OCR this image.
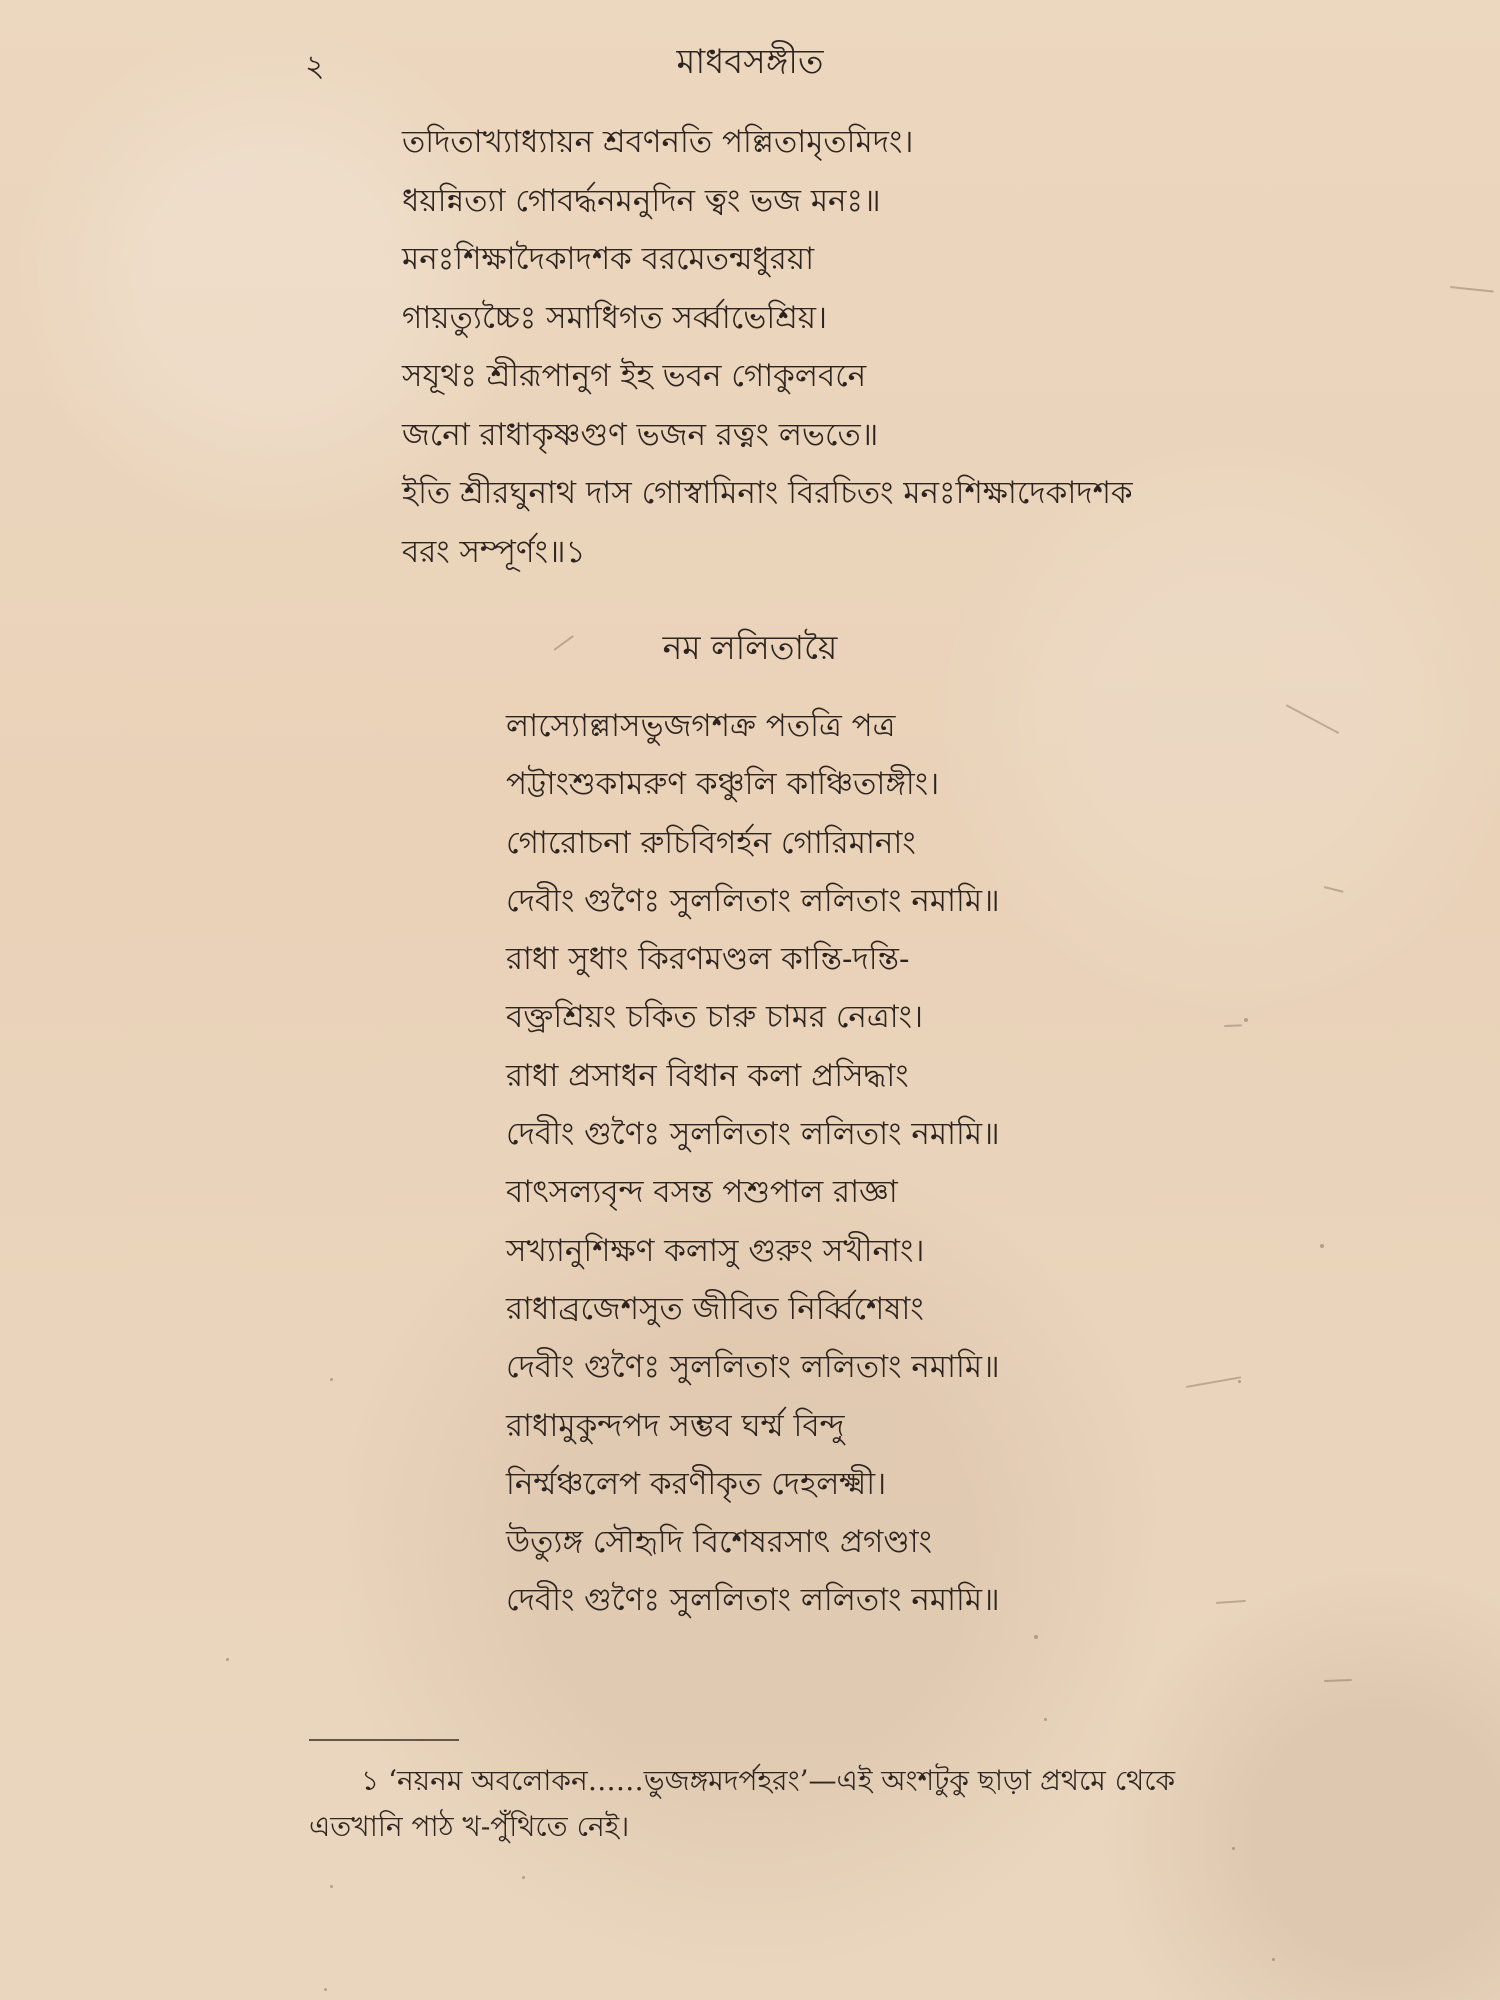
২	মাধবসঙ্গীত
তদিতাখ্যাধ্যায়ন শ্রবণনতি পল্লিতামৃতমিদং।
ধয়ন্নিত্যা গোবর্দ্ধনমনুদিন ত্বং ভজ মনঃ॥
মনঃশিক্ষাদৈকাদশক বরমেতন্মধুরয়া
গায়ত্যুচ্চৈঃ সমাধিগত সর্ব্বাভেশ্রিয়।
সযূথঃ শ্রীরূপানুগ ইহ ভবন গোকুলবনে
জনো রাধাকৃষ্ণগুণ ভজন রত্নং লভতে॥
ইতি শ্রীরঘুনাথ দাস গোস্বামিনাং বিরচিতং মনঃশিক্ষাদেকাদশক
বরং সম্পূর্ণং॥১
নম ললিতায়ৈ
লাস্যোল্লাসভুজগশক্র পতত্রি পত্র
পট্টাংশুকামরুণ কঞ্চুলি কাঞ্চিতাঙ্গীং।
গোরোচনা রুচিবিগর্হন গোরিমানাং
দেবীং গুণৈঃ সুললিতাং ললিতাং নমামি॥
রাধা সুধাং কিরণমণ্ডল কান্তি-দন্তি-
বক্ত্রশ্রিয়ং চকিত চারু চামর নেত্রাং।
রাধা প্রসাধন বিধান কলা প্রসিদ্ধাং
দেবীং গুণৈঃ সুললিতাং ললিতাং নমামি॥
বাৎসল্যবৃন্দ বসন্ত পশুপাল রাজ্ঞা
সখ্যানুশিক্ষণ কলাসু গুরুং সখীনাং।
রাধাব্রজেশসুত জীবিত নির্ব্বিশেষাং
দেবীং গুণৈঃ সুললিতাং ললিতাং নমামি॥
রাধামুকুন্দপদ সম্ভব ঘর্ম্ম বিন্দু
নির্ম্মঞ্চলেপ করণীকৃত দেহলক্ষ্মী।
উত্যুঙ্গ সৌহৃদি বিশেষরসাৎ প্রগণ্ডাং
দেবীং গুণৈঃ সুললিতাং ললিতাং নমামি॥
১ ‘নয়নম অবলোকন……ভুজঙ্গমদর্পহরং’—এই অংশটুকু ছাড়া প্রথমে থেকে
এতখানি পাঠ খ-পুঁথিতে নেই।
